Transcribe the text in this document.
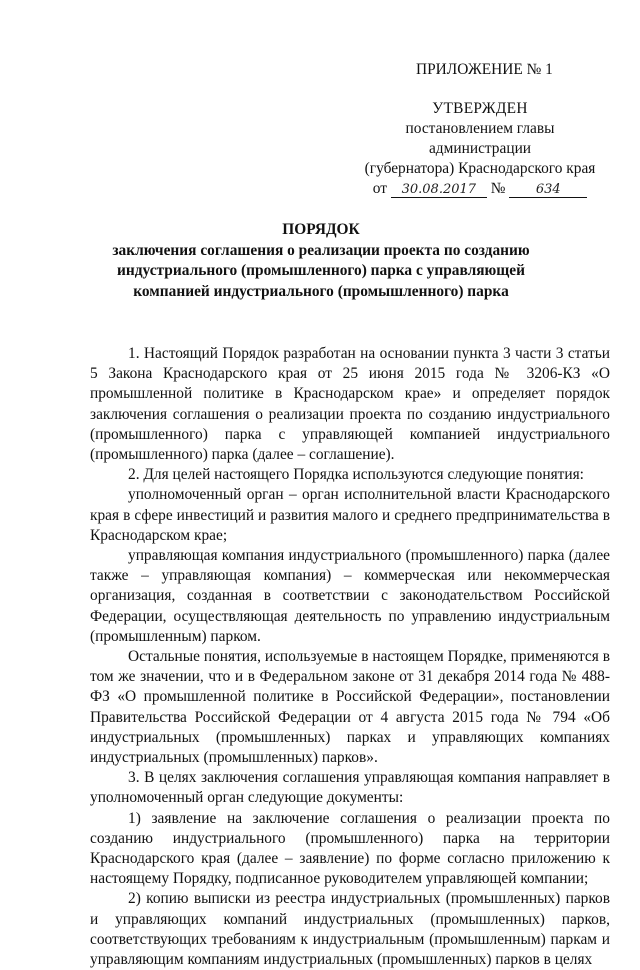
ПРИЛОЖЕНИЕ № 1
УТВЕРЖДЕН
постановлением главы администрации
(губернатора) Краснодарского края
от 30.08.2017 № 634
ПОРЯДОК
заключения соглашения о реализации проекта по созданию индустриального (промышленного) парка с управляющей компанией индустриального (промышленного) парка

1. Настоящий Порядок разработан на основании пункта 3 части 3 статьи 5 Закона Краснодарского края от 25 июня 2015 года № 3206-КЗ «О промышленной политике в Краснодарском крае» и определяет порядок заключения соглашения о реализации проекта по созданию индустриального (промышленного) парка с управляющей компанией индустриального (промышленного) парка (далее – соглашение).

2. Для целей настоящего Порядка используются следующие понятия:

уполномоченный орган – орган исполнительной власти Краснодарского края в сфере инвестиций и развития малого и среднего предпринимательства в Краснодарском крае;

управляющая компания индустриального (промышленного) парка (далее также – управляющая компания) – коммерческая или некоммерческая организация, созданная в соответствии с законодательством Российской Федерации, осуществляющая деятельность по управлению индустриальным (промышленным) парком.

Остальные понятия, используемые в настоящем Порядке, применяются в том же значении, что и в Федеральном законе от 31 декабря 2014 года № 488-ФЗ «О промышленной политике в Российской Федерации», постановлении Правительства Российской Федерации от 4 августа 2015 года № 794 «Об индустриальных (промышленных) парках и управляющих компаниях индустриальных (промышленных) парков».

3. В целях заключения соглашения управляющая компания направляет в уполномоченный орган следующие документы:

1) заявление на заключение соглашения о реализации проекта по созданию индустриального (промышленного) парка на территории Краснодарского края (далее – заявление) по форме согласно приложению к настоящему Порядку, подписанное руководителем управляющей компании;

2) копию выписки из реестра индустриальных (промышленных) парков и управляющих компаний индустриальных (промышленных) парков, соответствующих требованиям к индустриальным (промышленным) паркам и управляющим компаниям индустриальных (промышленных) парков в целях
